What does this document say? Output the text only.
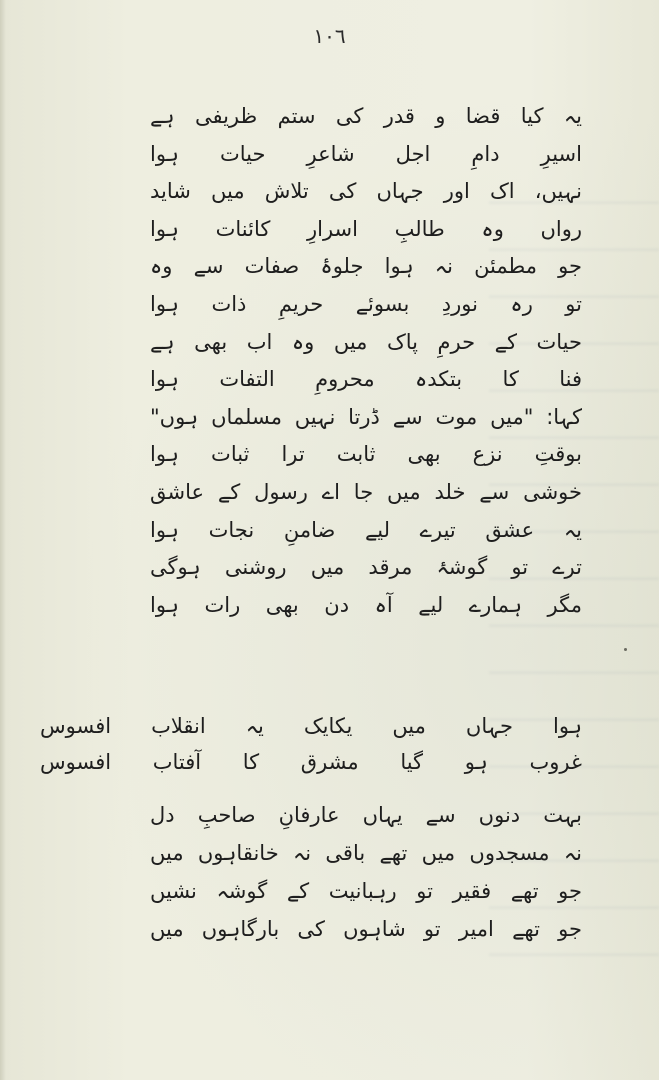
١٠٦
یہ کیا قضا و قدر کی ستم ظریفی ہے
اسیرِ دامِ اجل شاعرِ حیات ہوا
نہیں، اک اور جہاں کی تلاش میں شاید
رواں وہ طالبِ اسرارِ کائنات ہوا
جو مطمئن نہ ہوا جلوۂ صفات سے وہ
تو رہ نوردِ بسوئے حریمِ ذات ہوا
حیات کے حرمِ پاک میں وہ اب بھی ہے
فنا کا بتکدہ محرومِ التفات ہوا
کہا: "میں موت سے ڈرتا نہیں مسلماں ہوں"
بوقتِ نزع بھی ثابت ترا ثبات ہوا
خوشی سے خلد میں جا اے رسول کے عاشق
یہ عشق تیرے لیے ضامنِ نجات ہوا
ترے تو گوشۂ مرقد میں روشنی ہوگی
مگر ہمارے لیے آہ دن بھی رات ہوا
ہوا جہاں میں یکایک یہ انقلاب افسوس
غروب ہو گیا مشرق کا آفتاب افسوس
بہت دنوں سے یہاں عارفانِ صاحبِ دل
نہ مسجدوں میں تھے باقی نہ خانقاہوں میں
جو تھے فقیر تو رہبانیت کے گوشہ نشیں
جو تھے امیر تو شاہوں کی بارگاہوں میں
